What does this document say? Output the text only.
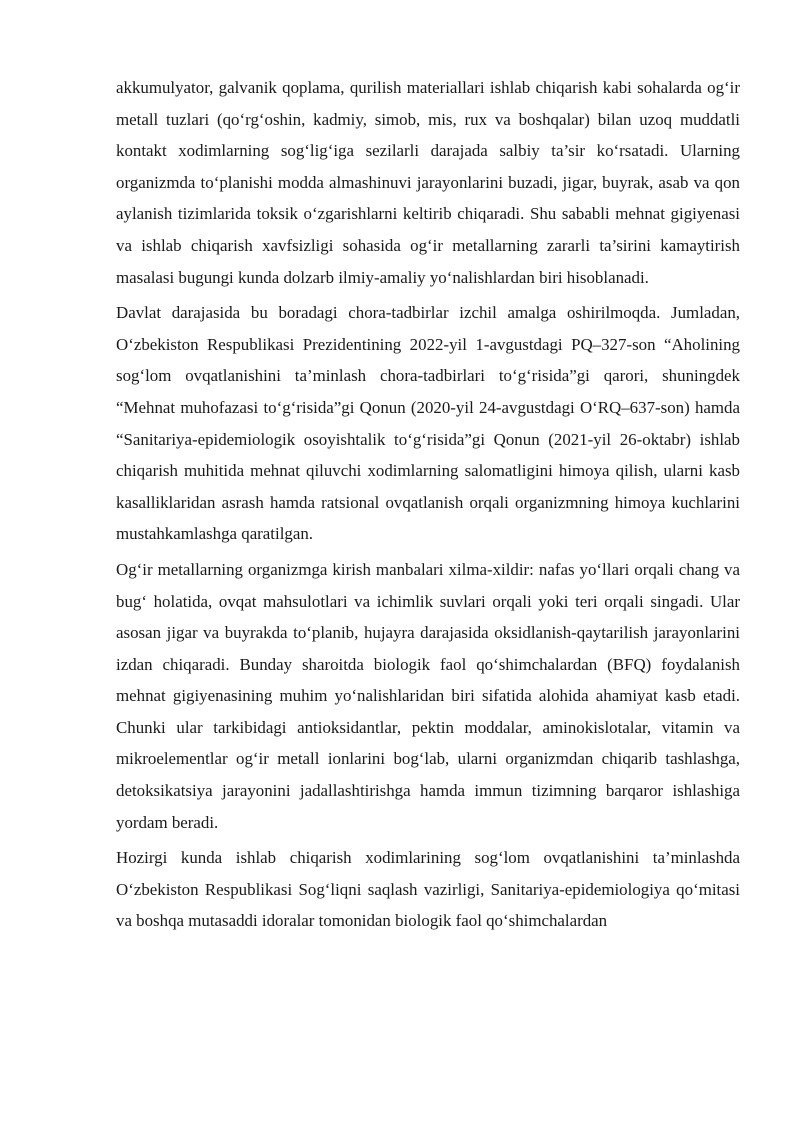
akkumulyator, galvanik qoplama, qurilish materiallari ishlab chiqarish kabi sohalarda og‘ir metall tuzlari (qo‘rg‘oshin, kadmiy, simob, mis, rux va boshqalar) bilan uzoq muddatli kontakt xodimlarning sog‘lig‘iga sezilarli darajada salbiy ta’sir ko‘rsatadi. Ularning organizmda to‘planishi modda almashinuvi jarayonlarini buzadi, jigar, buyrak, asab va qon aylanish tizimlarida toksik o‘zgarishlarni keltirib chiqaradi. Shu sababli mehnat gigiyenasi va ishlab chiqarish xavfsizligi sohasida og‘ir metallarning zararli ta’sirini kamaytirish masalasi bugungi kunda dolzarb ilmiy-amaliy yo‘nalishlardan biri hisoblanadi.

Davlat darajasida bu boradagi chora-tadbirlar izchil amalga oshirilmoqda. Jumladan, O‘zbekiston Respublikasi Prezidentining 2022-yil 1-avgustdagi PQ–327-son “Aholining sog‘lom ovqatlanishini ta’minlash chora-tadbirlari to‘g‘risida”gi qarori, shuningdek “Mehnat muhofazasi to‘g‘risida”gi Qonun (2020-yil 24-avgustdagi O‘RQ–637-son) hamda “Sanitariya-epidemiologik osoyishtalik to‘g‘risida”gi Qonun (2021-yil 26-oktabr) ishlab chiqarish muhitida mehnat qiluvchi xodimlarning salomatligini himoya qilish, ularni kasb kasalliklaridan asrash hamda ratsional ovqatlanish orqali organizmning himoya kuchlarini mustahkamlashga qaratilgan.

Og‘ir metallarning organizmga kirish manbalari xilma-xildir: nafas yo‘llari orqali chang va bug‘ holatida, ovqat mahsulotlari va ichimlik suvlari orqali yoki teri orqali singadi. Ular asosan jigar va buyrakda to‘planib, hujayra darajasida oksidlanish-qaytarilish jarayonlarini izdan chiqaradi. Bunday sharoitda biologik faol qo‘shimchalardan (BFQ) foydalanish mehnat gigiyenasining muhim yo‘nalishlaridan biri sifatida alohida ahamiyat kasb etadi. Chunki ular tarkibidagi antioksidantlar, pektin moddalar, aminokislotalar, vitamin va mikroelementlar og‘ir metall ionlarini bog‘lab, ularni organizmdan chiqarib tashlashga, detoksikatsiya jarayonini jadallashtirishga hamda immun tizimning barqaror ishlashiga yordam beradi.

Hozirgi kunda ishlab chiqarish xodimlarining sog‘lom ovqatlanishini ta’minlashda O‘zbekiston Respublikasi Sog‘liqni saqlash vazirligi, Sanitariya-epidemiologiya qo‘mitasi va boshqa mutasaddi idoralar tomonidan biologik faol qo‘shimchalardan
